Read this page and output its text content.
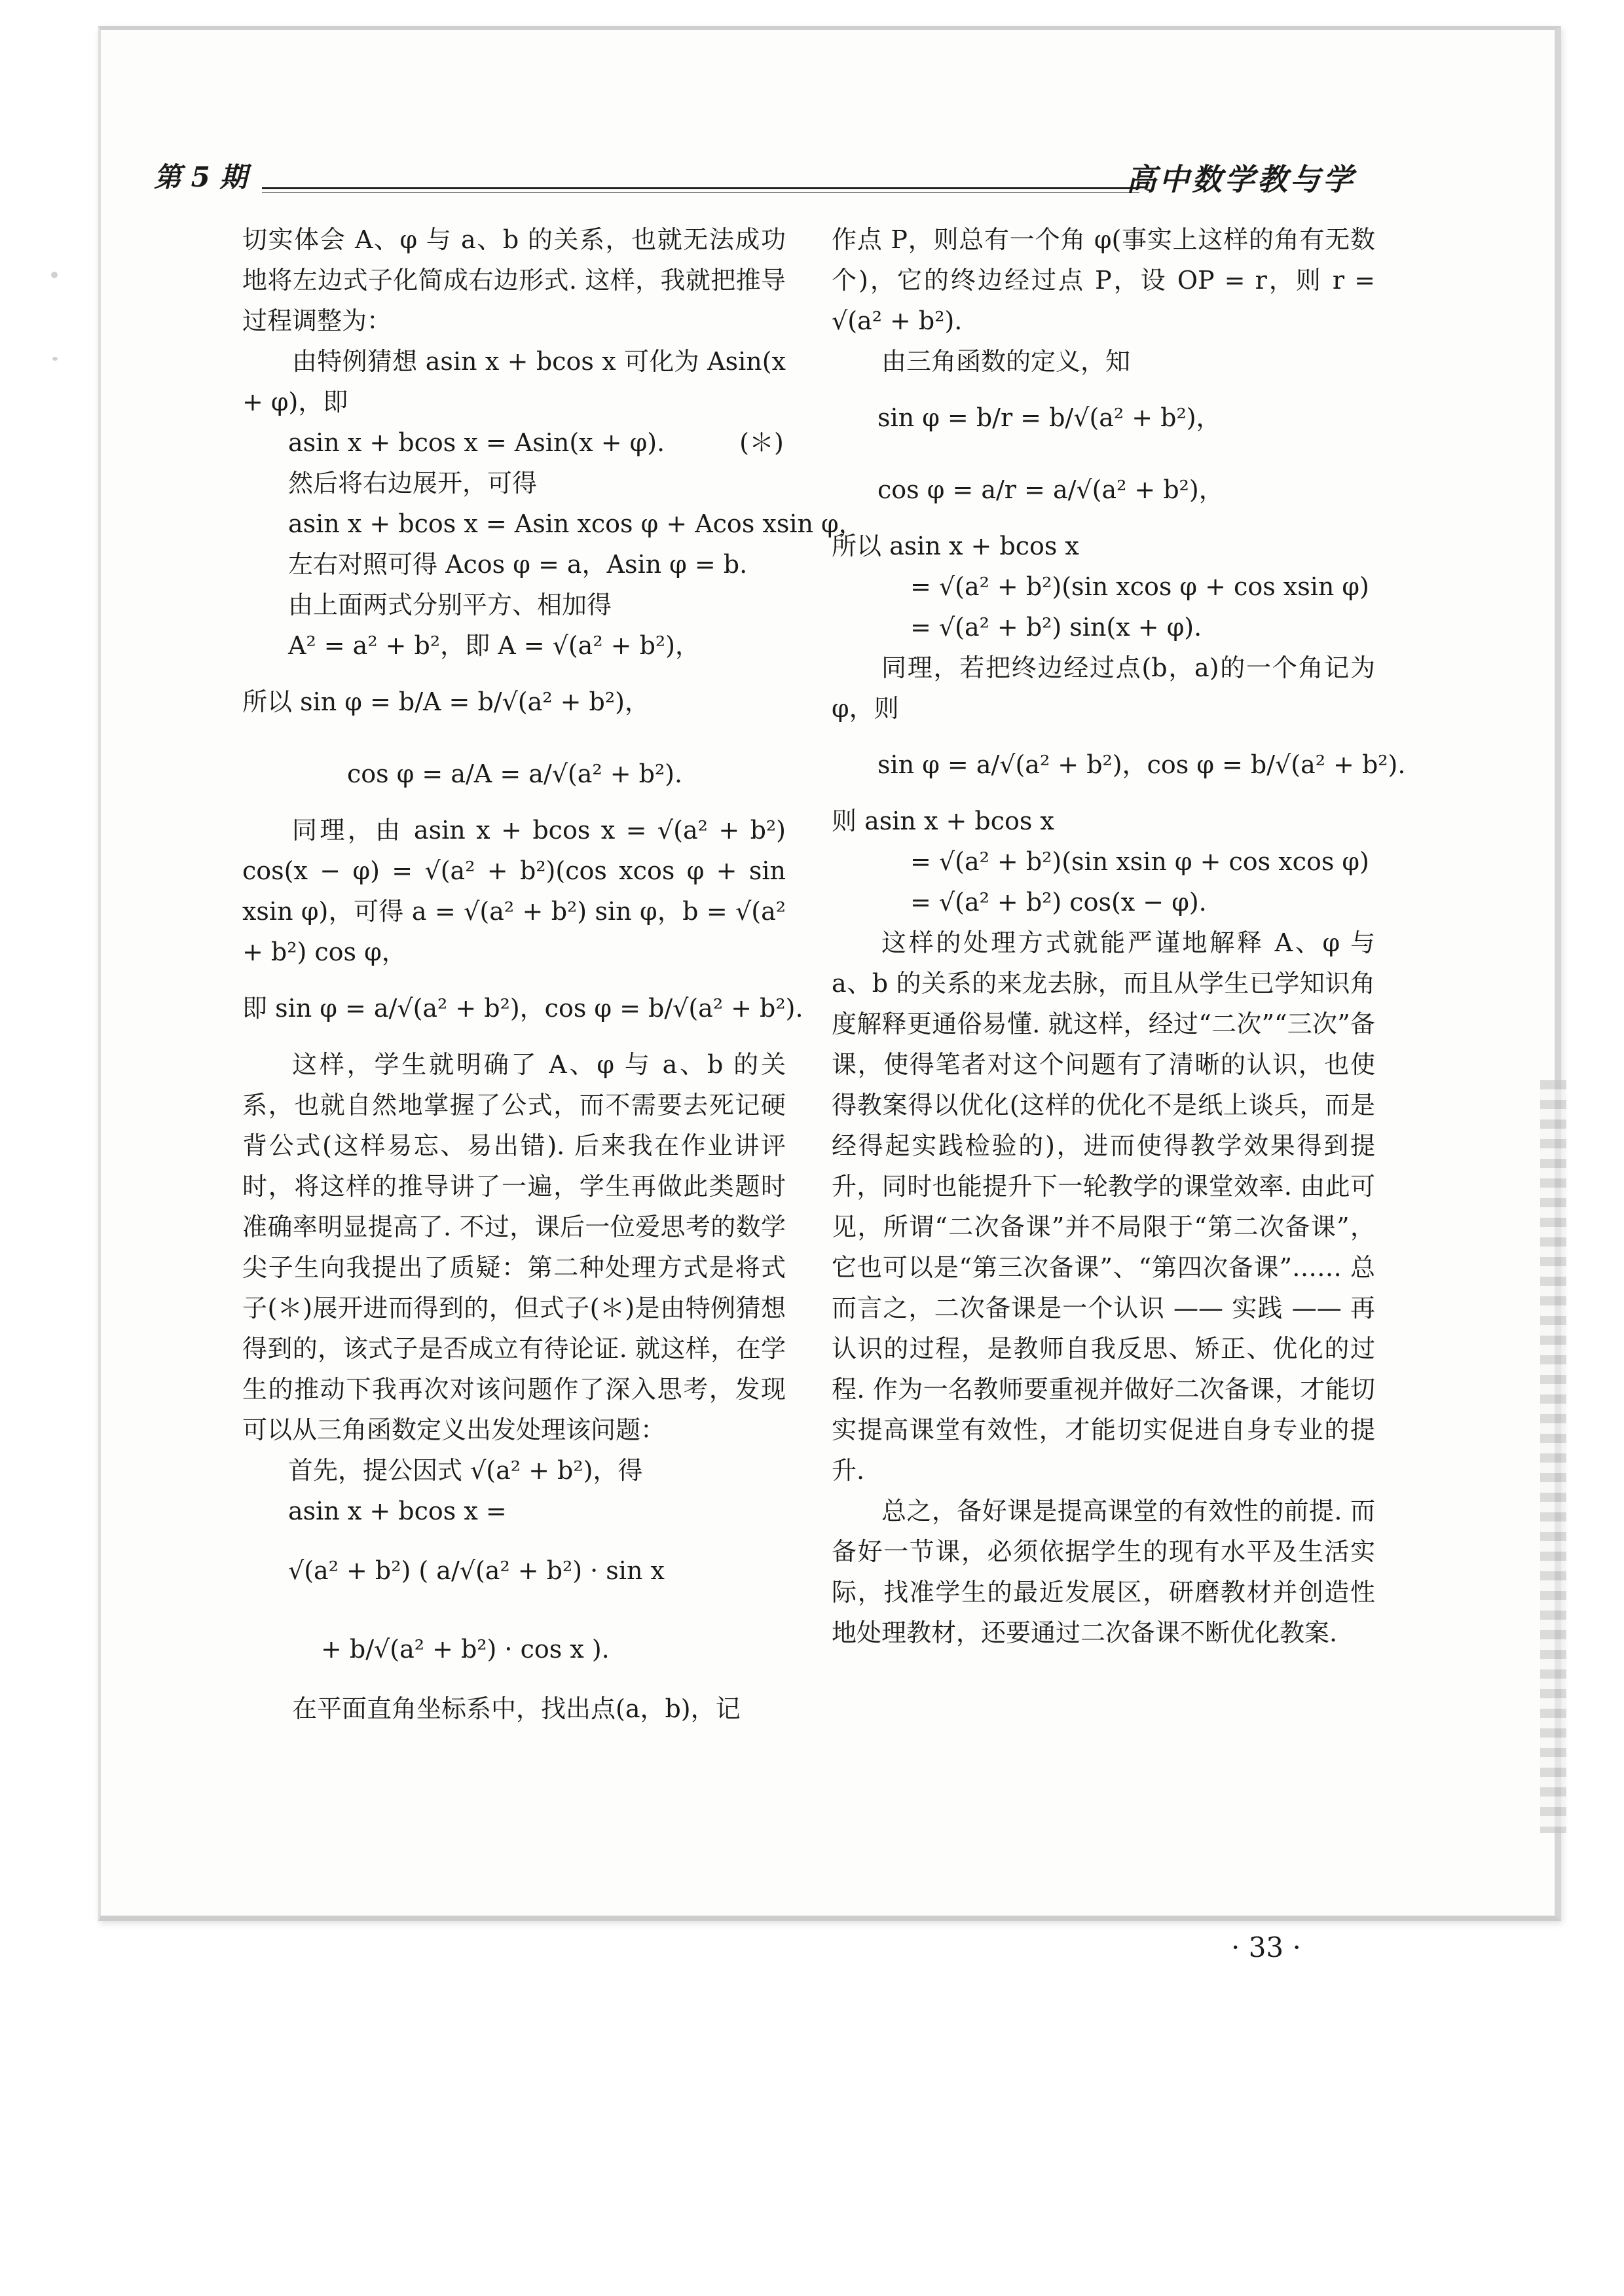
第 5 期	高中数学教与学

切实体会 A、φ 与 a、b 的关系，也就无法成功地将左边式子化简成右边形式. 这样，我就把推导过程调整为：

由特例猜想 asin x + bcos x 可化为 Asin(x + φ)，即

asin x + bcos x = Asin(x + φ).　　　(＊)

然后将右边展开，可得

asin x + bcos x = Asin xcos φ + Acos xsin φ，

左右对照可得 Acos φ = a，Asin φ = b.

由上面两式分别平方、相加得

A² = a² + b²，即 A = √(a² + b²)，

所以 sin φ = b/A = b/√(a² + b²)，

cos φ = a/A = a/√(a² + b²).

同理，由 asin x + bcos x = √(a² + b²) cos(x − φ) = √(a² + b²)(cos xcos φ + sin xsin φ)，可得 a = √(a² + b²) sin φ，b = √(a² + b²) cos φ，

即 sin φ = a/√(a² + b²)，cos φ = b/√(a² + b²).

这样，学生就明确了 A、φ 与 a、b 的关系，也就自然地掌握了公式，而不需要去死记硬背公式(这样易忘、易出错). 后来我在作业讲评时，将这样的推导讲了一遍，学生再做此类题时准确率明显提高了. 不过，课后一位爱思考的数学尖子生向我提出了质疑：第二种处理方式是将式子(＊)展开进而得到的，但式子(＊)是由特例猜想得到的，该式子是否成立有待论证. 就这样，在学生的推动下我再次对该问题作了深入思考，发现可以从三角函数定义出发处理该问题：

首先，提公因式 √(a² + b²)，得

asin x + bcos x =

√(a² + b²) ( a/√(a² + b²) · sin x

+ b/√(a² + b²) · cos x ).

在平面直角坐标系中，找出点(a，b)，记

作点 P，则总有一个角 φ(事实上这样的角有无数个)，它的终边经过点 P，设 OP = r，则 r = √(a² + b²).

由三角函数的定义，知

sin φ = b/r = b/√(a² + b²)，

cos φ = a/r = a/√(a² + b²)，

所以 asin x + bcos x

= √(a² + b²)(sin xcos φ + cos xsin φ)

= √(a² + b²) sin(x + φ).

同理，若把终边经过点(b，a)的一个角记为 φ，则

sin φ = a/√(a² + b²)，cos φ = b/√(a² + b²).

则 asin x + bcos x

= √(a² + b²)(sin xsin φ + cos xcos φ)

= √(a² + b²) cos(x − φ).

这样的处理方式就能严谨地解释 A、φ 与 a、b 的关系的来龙去脉，而且从学生已学知识角度解释更通俗易懂. 就这样，经过“二次”“三次”备课，使得笔者对这个问题有了清晰的认识，也使得教案得以优化(这样的优化不是纸上谈兵，而是经得起实践检验的)，进而使得教学效果得到提升，同时也能提升下一轮教学的课堂效率. 由此可见，所谓“二次备课”并不局限于“第二次备课”，它也可以是“第三次备课”、“第四次备课”…… 总而言之，二次备课是一个认识 —— 实践 —— 再认识的过程，是教师自我反思、矫正、优化的过程. 作为一名教师要重视并做好二次备课，才能切实提高课堂有效性，才能切实促进自身专业的提升.

总之，备好课是提高课堂的有效性的前提. 而备好一节课，必须依据学生的现有水平及生活实际，找准学生的最近发展区，研磨教材并创造性地处理教材，还要通过二次备课不断优化教案.

· 33 ·
